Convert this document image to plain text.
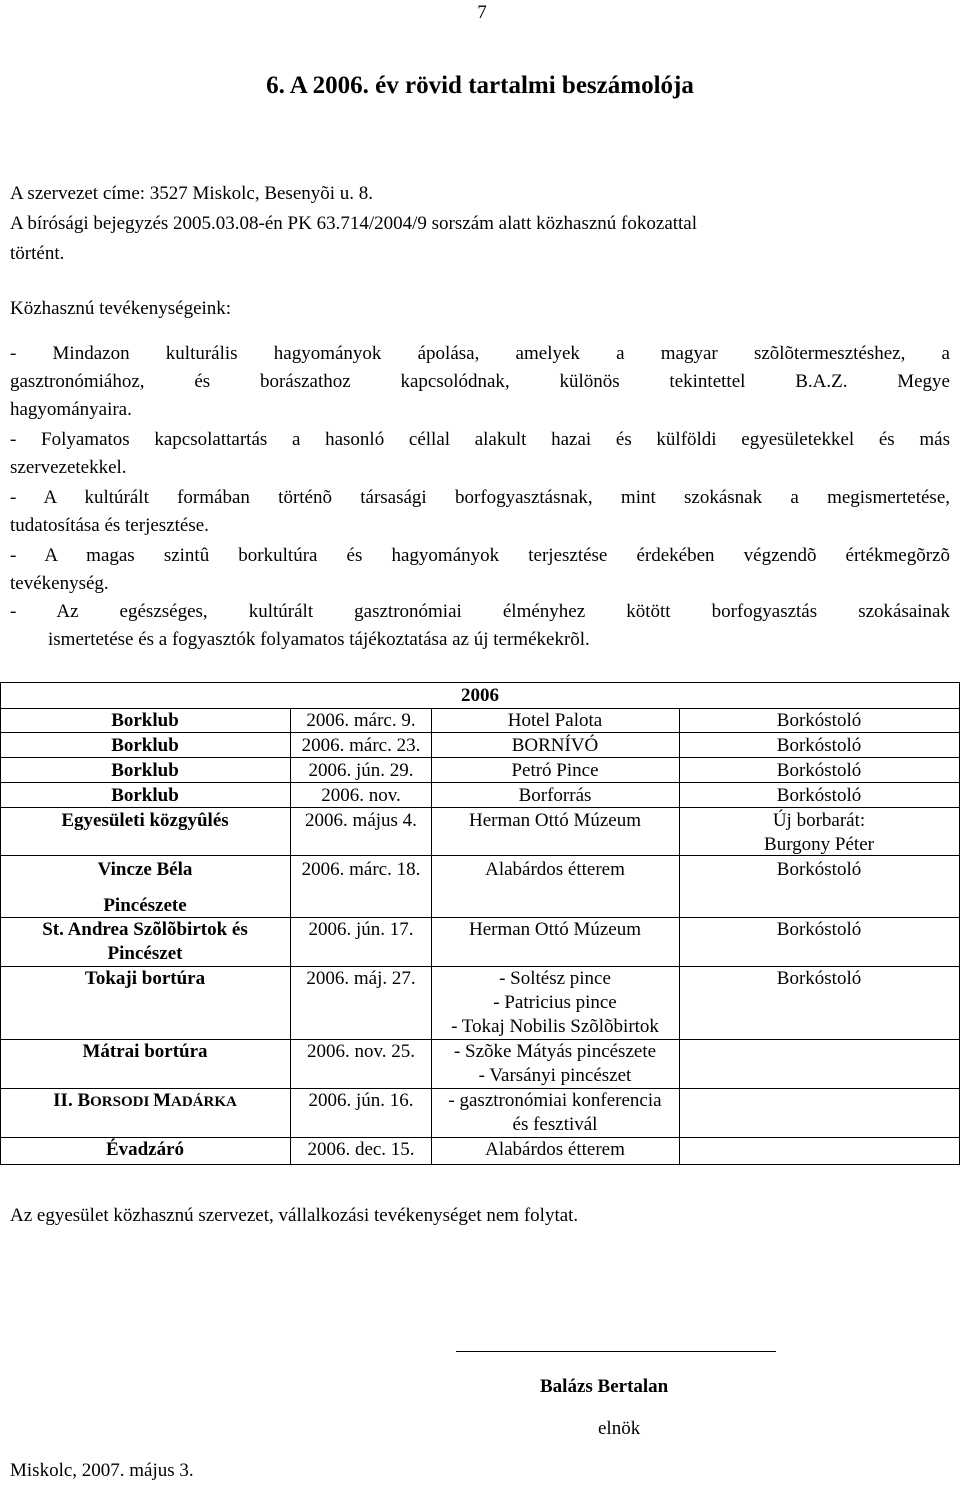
7
6. A 2006. év rövid tartalmi beszámolója
A szervezet címe: 3527 Miskolc, Besenyõi u. 8.
A bírósági bejegyzés 2005.03.08-én PK 63.714/2004/9 sorszám alatt közhasznú fokozattal
történt.
Közhasznú tevékenységeink:
- Mindazon kulturális hagyományok ápolása, amelyek a magyar szõlõtermesztéshez, a
gasztronómiához, és borászathoz kapcsolódnak, különös tekintettel B.A.Z. Megye
hagyományaira.
- Folyamatos kapcsolattartás a hasonló céllal alakult hazai és külföldi egyesületekkel és más
szervezetekkel.
- A kultúrált formában történõ társasági borfogyasztásnak, mint szokásnak a megismertetése,
tudatosítása és terjesztése.
- A magas szintû borkultúra és hagyományok terjesztése érdekében végzendõ értékmegõrzõ
tevékenység.
- Az egészséges, kultúrált gasztronómiai élményhez kötött borfogyasztás szokásainak
ismertetése és a fogyasztók folyamatos tájékoztatása az új termékekrõl.
2006
Borklub	2006. márc. 9.	Hotel Palota	Borkóstoló
Borklub	2006. márc. 23.	BORNÍVÓ	Borkóstoló
Borklub	2006. jún. 29.	Petró Pince	Borkóstoló
Borklub	2006. nov.	Borforrás	Borkóstoló
Egyesületi közgyûlés	2006. május 4.	Herman Ottó Múzeum	Új borbarát:
Burgony Péter
Vincze Béla
Pincészete
2006. márc. 18.	Alabárdos étterem	Borkóstoló
St. Andrea Szõlõbirtok és
Pincészet
2006. jún. 17.	Herman Ottó Múzeum	Borkóstoló
Tokaji bortúra	2006. máj. 27.	- Soltész pince
- Patricius pince
- Tokaj Nobilis Szõlõbirtok
Borkóstoló
Mátrai bortúra	2006. nov. 25.	- Szõke Mátyás pincészete
- Varsányi pincészet
II. BORSODI MADÁRKA	2006. jún. 16.	- gasztronómiai konferencia
és fesztivál
Évadzáró	2006. dec. 15.	Alabárdos étterem
Az egyesület közhasznú szervezet, vállalkozási tevékenységet nem folytat.
Balázs Bertalan
elnök
Miskolc, 2007. május 3.
